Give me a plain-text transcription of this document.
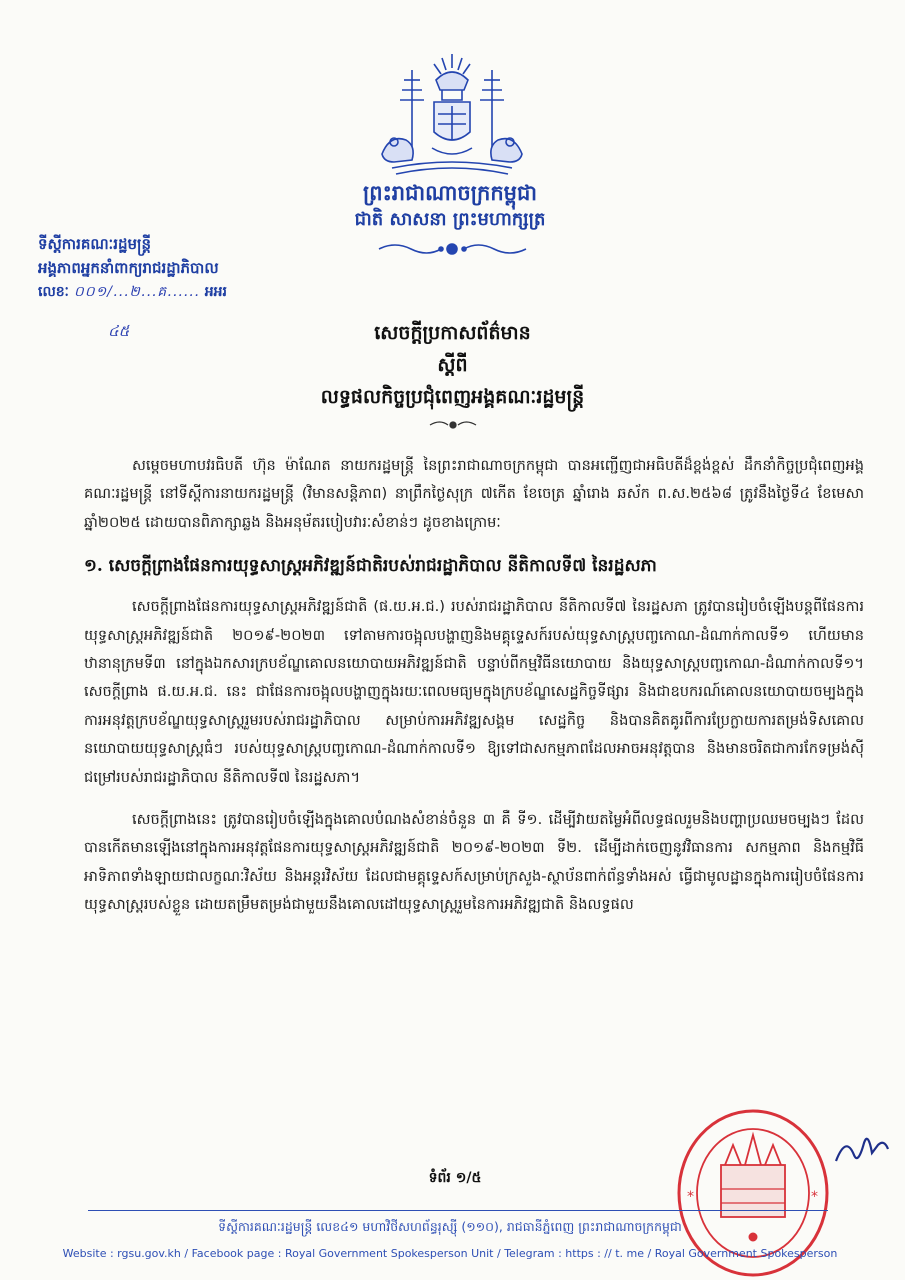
ព្រះរាជាណាចក្រកម្ពុជា
ជាតិ សាសនា ព្រះមហាក្សត្រ
ទីស្តីការគណៈរដ្ឋមន្ត្រី
អង្គភាពអ្នកនាំពាក្យរាជរដ្ឋាភិបាល
លេខៈ ០០១/...២...គ...... អអរ
៤៥	សេចក្តីប្រកាសព័ត៌មាន
ស្តីពី
លទ្ធផលកិច្ចប្រជុំពេញអង្គគណៈរដ្ឋមន្ត្រី

សម្តេចមហាបវរធិបតី ហ៊ុន ម៉ាណែត នាយករដ្ឋមន្ត្រី នៃព្រះរាជាណាចក្រកម្ពុជា បានអញ្ជើញជាអធិបតីដ៏ខ្ពង់ខ្ពស់ ដឹកនាំកិច្ចប្រជុំពេញអង្គគណៈរដ្ឋមន្ត្រី នៅទីស្តីការនាយករដ្ឋមន្ត្រី (វិមានសន្តិភាព) នាព្រឹកថ្ងៃសុក្រ ៧កើត ខែចេត្រ ឆ្នាំរោង ឆស័ក ព.ស.២៥៦៨ ត្រូវនឹងថ្ងៃទី៤ ខែមេសា ឆ្នាំ២០២៥ ដោយបានពិភាក្សាឆ្លង និងអនុម័តរបៀបវារៈសំខាន់ៗ ដូចខាងក្រោមៈ

១. សេចក្តីព្រាងផែនការយុទ្ធសាស្ត្រអភិវឌ្ឍន៍ជាតិរបស់រាជរដ្ឋាភិបាល នីតិកាលទី៧ នៃរដ្ឋសភា

សេចក្តីព្រាងផែនការយុទ្ធសាស្ត្រអភិវឌ្ឍន៍ជាតិ (ផ.យ.អ.ជ.) របស់រាជរដ្ឋាភិបាល នីតិកាលទី៧ នៃរដ្ឋសភា ត្រូវបានរៀបចំឡើងបន្តពីផែនការយុទ្ធសាស្ត្រអភិវឌ្ឍន៍ជាតិ ២០១៩-២០២៣ ទៅតាមការចង្អុលបង្ហាញនិងមគ្គុទ្ទេសក៍របស់យុទ្ធសាស្ត្របញ្ចកោណ-ដំណាក់កាលទី១ ហើយមានឋានានុក្រមទី៣ នៅក្នុងឯកសារក្របខ័ណ្ឌគោលនយោបាយអភិវឌ្ឍន៍ជាតិ បន្ទាប់ពីកម្មវិធីនយោបាយ និងយុទ្ធសាស្ត្របញ្ចកោណ-ដំណាក់កាលទី១។ សេចក្តីព្រាង ផ.យ.អ.ជ. នេះ ជាផែនការចង្អុលបង្ហាញក្នុងរយៈពេលមធ្យមក្នុងក្របខ័ណ្ឌសេដ្ឋកិច្ចទីផ្សារ និងជាឧបករណ៍គោលនយោបាយចម្បងក្នុងការអនុវត្តក្របខ័ណ្ឌយុទ្ធសាស្ត្ររួមរបស់រាជរដ្ឋាភិបាល សម្រាប់ការអភិវឌ្ឍសង្គម សេដ្ឋកិច្ច និងបានគិតគូរពីការប្រែក្លាយការតម្រង់ទិសគោលនយោបាយយុទ្ធសាស្ត្រធំៗ របស់យុទ្ធសាស្ត្របញ្ចកោណ-ដំណាក់កាលទី១ ឱ្យទៅជាសកម្មភាពដែលអាចអនុវត្តបាន និងមានចរិតជាការកែទម្រង់ស៊ីជម្រៅរបស់រាជរដ្ឋាភិបាល នីតិកាលទី៧ នៃរដ្ឋសភា។

សេចក្តីព្រាងនេះ ត្រូវបានរៀបចំឡើងក្នុងគោលបំណងសំខាន់ចំនួន ៣ គឺ ទី១. ដើម្បីវាយតម្លៃអំពីលទ្ធផលរួមនិងបញ្ហាប្រឈមចម្បងៗ ដែលបានកើតមានឡើងនៅក្នុងការអនុវត្តផែនការយុទ្ធសាស្ត្រអភិវឌ្ឍន៍ជាតិ ២០១៩-២០២៣ ទី២. ដើម្បីដាក់ចេញនូវវិធានការ សកម្មភាព និងកម្មវិធីអាទិភាពទាំងឡាយជាលក្ខណៈវិស័យ និងអន្តរវិស័យ ដែលជាមគ្គុទ្ទេសក៍សម្រាប់ក្រសួង-ស្ថាប័នពាក់ព័ន្ធទាំងអស់ ធ្វើជាមូលដ្ឋានក្នុងការរៀបចំផែនការយុទ្ធសាស្ត្ររបស់ខ្លួន ដោយតម្រឹមតម្រង់ជាមួយនឹងគោលដៅយុទ្ធសាស្ត្ររួមនៃការអភិវឌ្ឍជាតិ និងលទ្ធផល

ទំព័រ ១/៥
*	*
ទីស្តីការគណៈរដ្ឋមន្ត្រី លេខ៤១ មហាវិថីសហព័ន្ធរុស្ស៊ី (១១០), រាជធានីភ្នំពេញ ព្រះរាជាណាចក្រកម្ពុជា
Website : rgsu.gov.kh / Facebook page : Royal Government Spokesperson Unit / Telegram : https : // t. me / Royal Government Spokesperson
